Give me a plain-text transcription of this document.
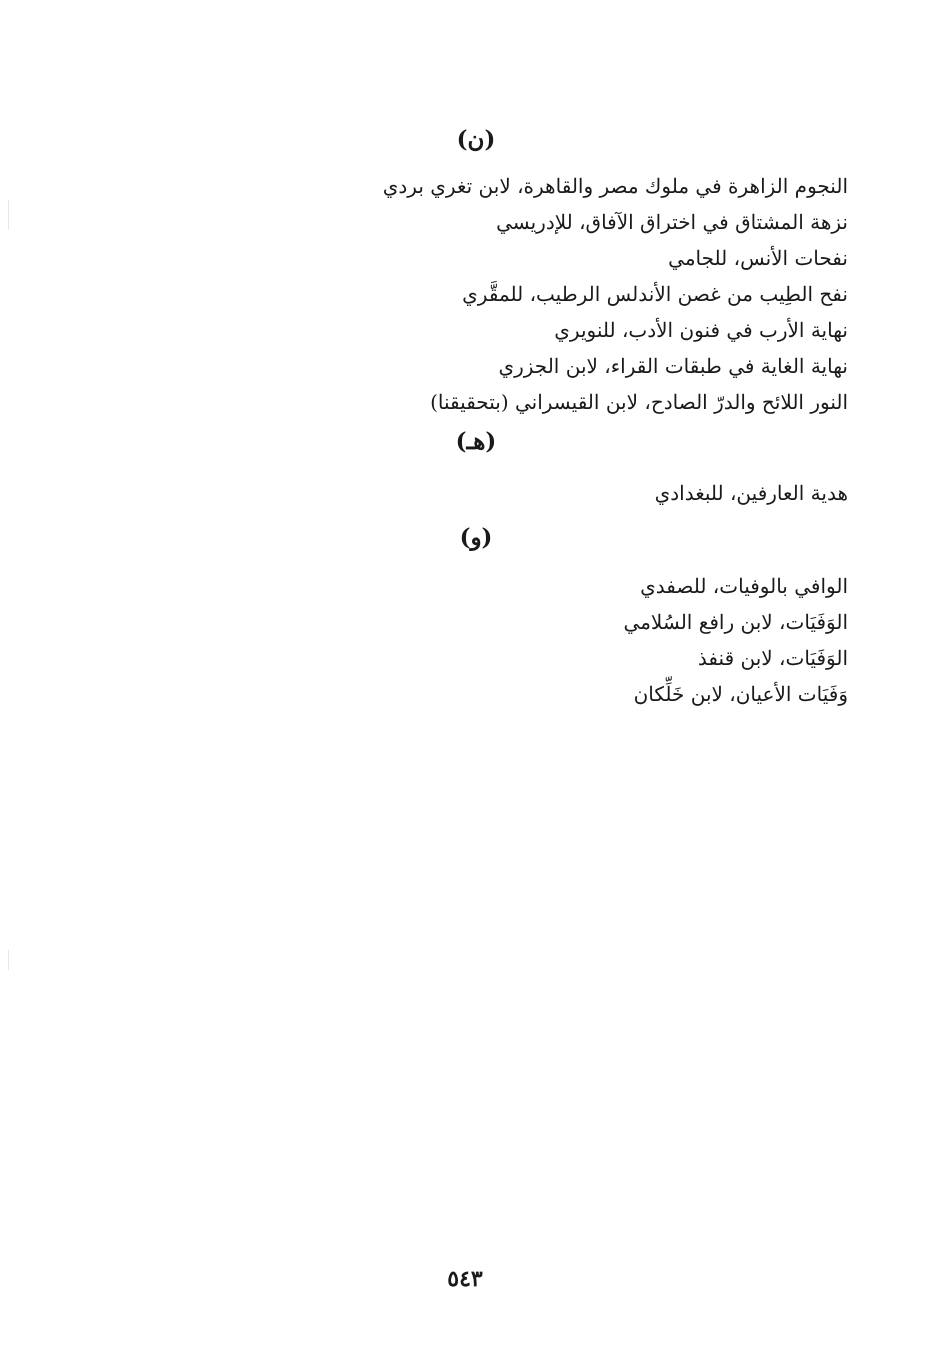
(ن)
النجوم الزاهرة في ملوك مصر والقاهرة، لابن تغري بردي
نزهة المشتاق في اختراق الآفاق، للإدريسي
نفحات الأنس، للجامي
نفح الطِيب من غصن الأندلس الرطيب، للمقَّري
نهاية الأرب في فنون الأدب، للنويري
نهاية الغاية في طبقات القراء، لابن الجزري
النور اللائح والدرّ الصادح، لابن القيسراني (بتحقيقنا)
(هـ)
هدية العارفين، للبغدادي
(و)
الوافي بالوفيات، للصفدي
الوَفَيَات، لابن رافع السُلامي
الوَفَيَات، لابن قنفذ
وَفَيَات الأعيان، لابن خَلِّكان
٥٤٣
